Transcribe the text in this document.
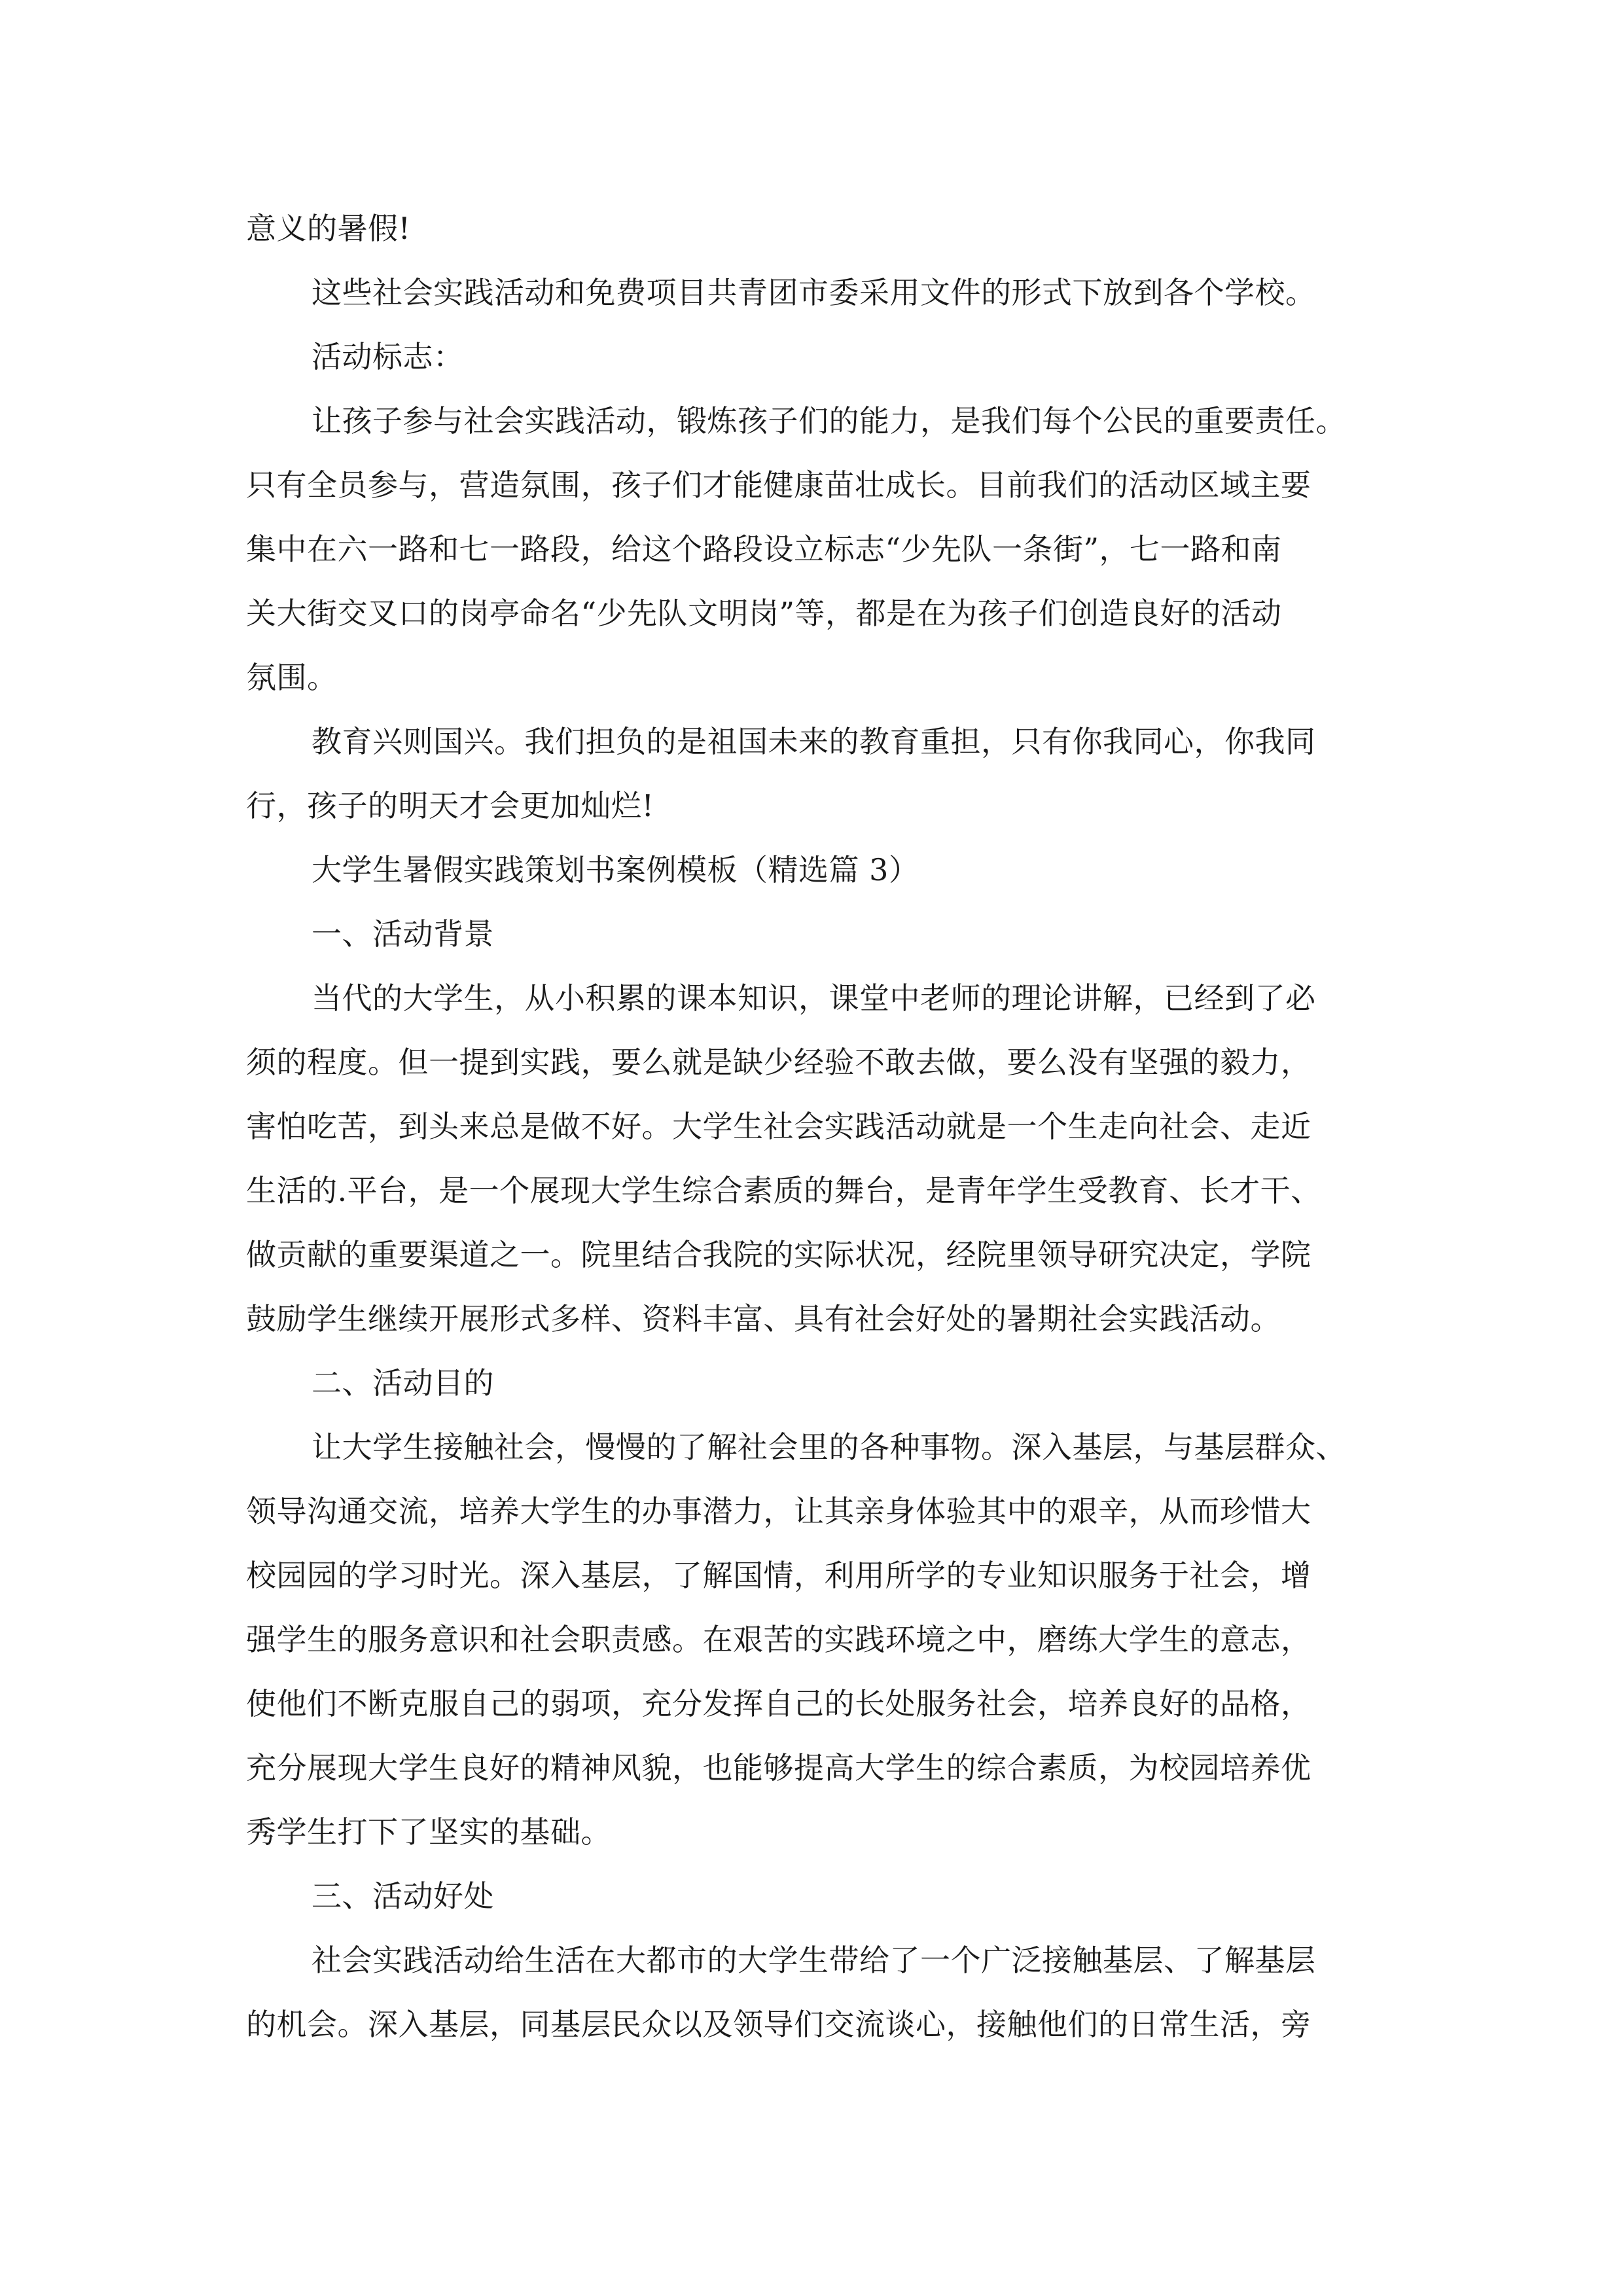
意义的暑假!
这些社会实践活动和免费项目共青团市委采用文件的形式下放到各个学校。
活动标志：
让孩子参与社会实践活动，锻炼孩子们的能力，是我们每个公民的重要责任。
只有全员参与，营造氛围，孩子们才能健康苗壮成长。目前我们的活动区域主要
集中在六一路和七一路段，给这个路段设立标志“少先队一条街”，七一路和南
关大街交叉口的岗亭命名“少先队文明岗”等，都是在为孩子们创造良好的活动
氛围。
教育兴则国兴。我们担负的是祖国未来的教育重担，只有你我同心，你我同
行，孩子的明天才会更加灿烂!
大学生暑假实践策划书案例模板（精选篇 3）
一、活动背景
当代的大学生，从小积累的课本知识，课堂中老师的理论讲解，已经到了必
须的程度。但一提到实践，要么就是缺少经验不敢去做，要么没有坚强的毅力，
害怕吃苦，到头来总是做不好。大学生社会实践活动就是一个生走向社会、走近
生活的.平台，是一个展现大学生综合素质的舞台，是青年学生受教育、长才干、
做贡献的重要渠道之一。院里结合我院的实际状况，经院里领导研究决定，学院
鼓励学生继续开展形式多样、资料丰富、具有社会好处的暑期社会实践活动。
二、活动目的
让大学生接触社会，慢慢的了解社会里的各种事物。深入基层，与基层群众、
领导沟通交流，培养大学生的办事潜力，让其亲身体验其中的艰辛，从而珍惜大
校园园的学习时光。深入基层，了解国情，利用所学的专业知识服务于社会，增
强学生的服务意识和社会职责感。在艰苦的实践环境之中，磨练大学生的意志，
使他们不断克服自己的弱项，充分发挥自己的长处服务社会，培养良好的品格，
充分展现大学生良好的精神风貌，也能够提高大学生的综合素质，为校园培养优
秀学生打下了坚实的基础。
三、活动好处
社会实践活动给生活在大都市的大学生带给了一个广泛接触基层、了解基层
的机会。深入基层，同基层民众以及领导们交流谈心，接触他们的日常生活，旁
